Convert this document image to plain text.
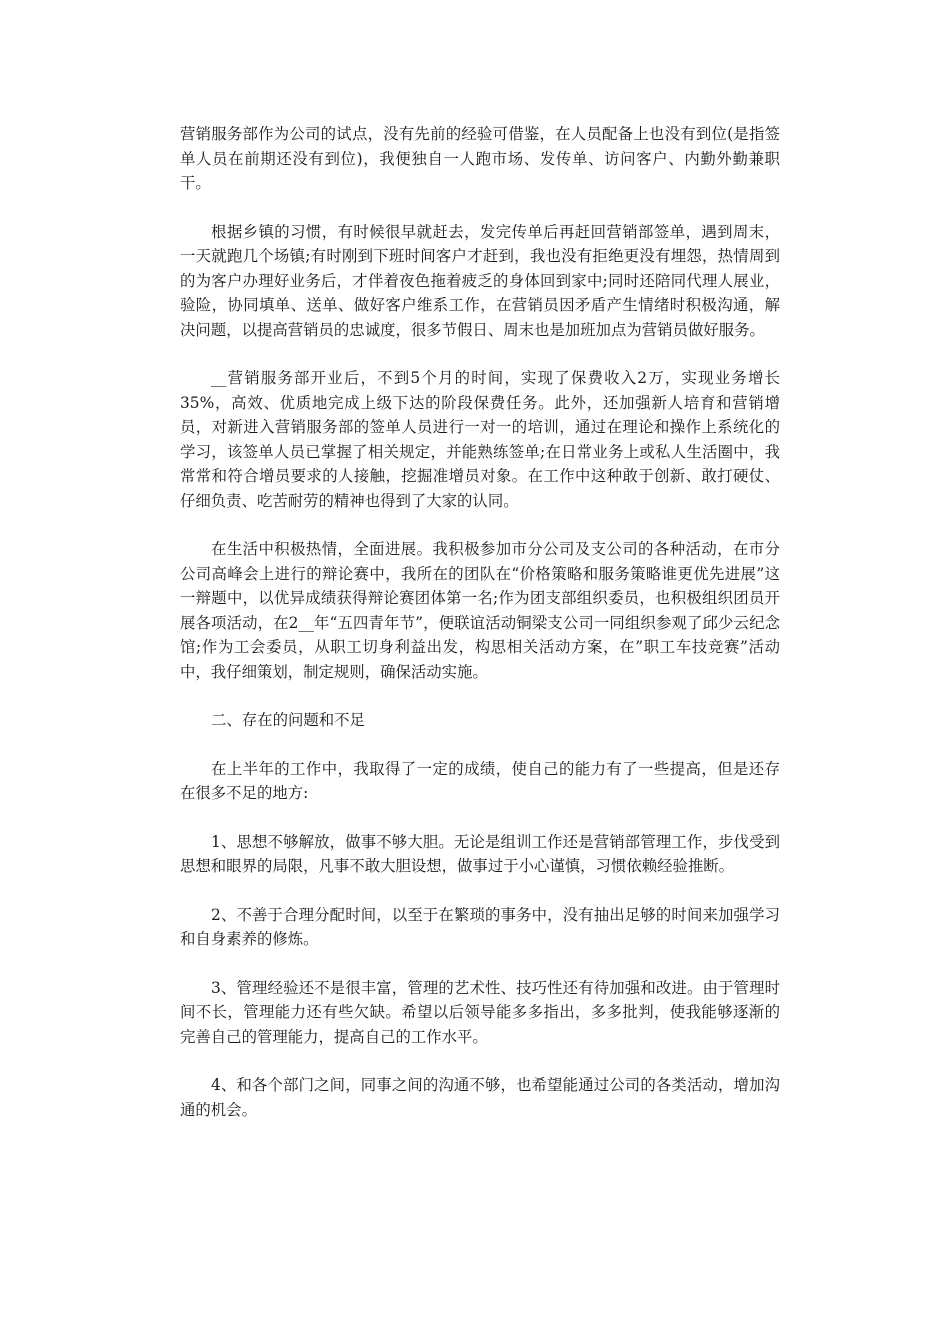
营销服务部作为公司的试点，没有先前的经验可借鉴，在人员配备上也没有到位(是指签单人员在前期还没有到位)，我便独自一人跑市场、发传单、访问客户、内勤外勤兼职干。

根据乡镇的习惯，有时候很早就赶去，发完传单后再赶回营销部签单，遇到周末，一天就跑几个场镇;有时刚到下班时间客户才赶到，我也没有拒绝更没有埋怨，热情周到的为客户办理好业务后，才伴着夜色拖着疲乏的身体回到家中;同时还陪同代理人展业，验险，协同填单、送单、做好客户维系工作，在营销员因矛盾产生情绪时积极沟通，解决问题，以提高营销员的忠诚度，很多节假日、周末也是加班加点为营销员做好服务。

__营销服务部开业后，不到5个月的时间，实现了保费收入2万，实现业务增长35%，高效、优质地完成上级下达的阶段保费任务。此外，还加强新人培育和营销增员，对新进入营销服务部的签单人员进行一对一的培训，通过在理论和操作上系统化的学习，该签单人员已掌握了相关规定，并能熟练签单;在日常业务上或私人生活圈中，我常常和符合增员要求的人接触，挖掘准增员对象。在工作中这种敢于创新、敢打硬仗、仔细负责、吃苦耐劳的精神也得到了大家的认同。

在生活中积极热情，全面进展。我积极参加市分公司及支公司的各种活动，在市分公司高峰会上进行的辩论赛中，我所在的团队在“价格策略和服务策略谁更优先进展”这一辩题中，以优异成绩获得辩论赛团体第一名;作为团支部组织委员，也积极组织团员开展各项活动，在2__年“五四青年节”，便联谊活动铜梁支公司一同组织参观了邱少云纪念馆;作为工会委员，从职工切身利益出发，构思相关活动方案，在”职工车技竞赛”活动中，我仔细策划，制定规则，确保活动实施。

二、存在的问题和不足

在上半年的工作中，我取得了一定的成绩，使自己的能力有了一些提高，但是还存在很多不足的地方:

1、思想不够解放，做事不够大胆。无论是组训工作还是营销部管理工作，步伐受到思想和眼界的局限，凡事不敢大胆设想，做事过于小心谨慎，习惯依赖经验推断。

2、不善于合理分配时间，以至于在繁琐的事务中，没有抽出足够的时间来加强学习和自身素养的修炼。

3、管理经验还不是很丰富，管理的艺术性、技巧性还有待加强和改进。由于管理时间不长，管理能力还有些欠缺。希望以后领导能多多指出，多多批判，使我能够逐渐的完善自己的管理能力，提高自己的工作水平。

4、和各个部门之间，同事之间的沟通不够，也希望能通过公司的各类活动，增加沟通的机会。
